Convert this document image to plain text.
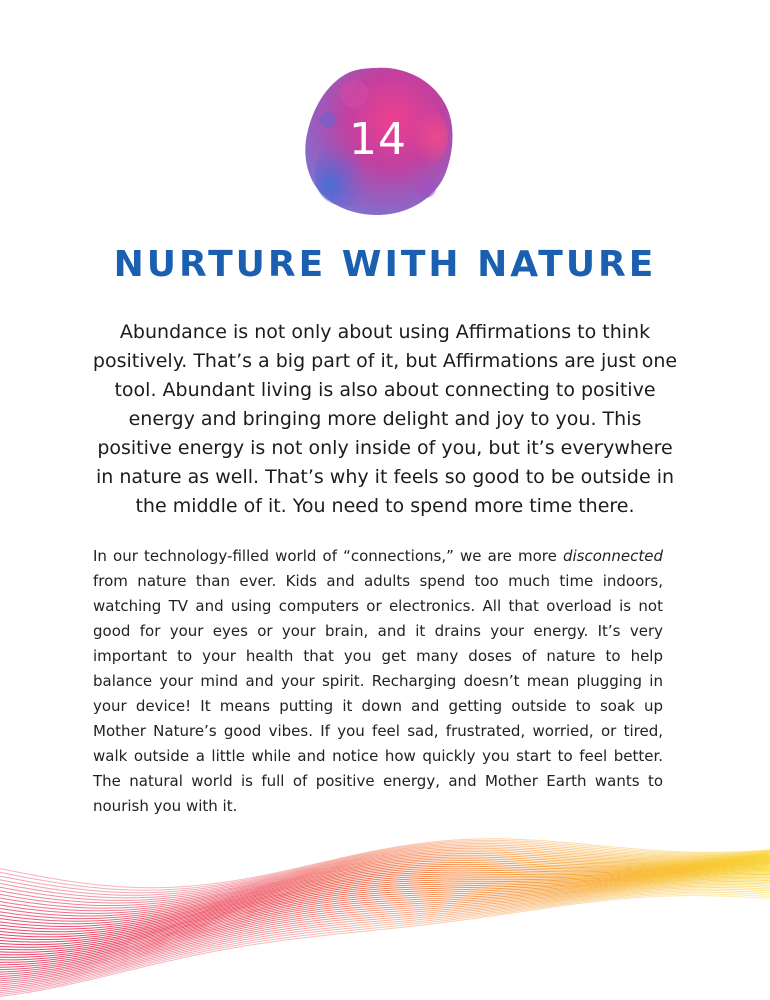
14
NURTURE WITH NATURE

Abundance is not only about using Affirmations to think positively. That’s a big part of it, but Affirmations are just one tool. Abundant living is also about connecting to positive energy and bringing more delight and joy to you. This positive energy is not only inside of you, but it’s everywhere in nature as well. That’s why it feels so good to be outside in the middle of it. You need to spend more time there.

In our technology-filled world of “connections,” we are more disconnected from nature than ever. Kids and adults spend too much time indoors, watching TV and using computers or electronics. All that overload is not good for your eyes or your brain, and it drains your energy. It’s very important to your health that you get many doses of nature to help balance your mind and your spirit. Recharging doesn’t mean plugging in your device! It means putting it down and getting outside to soak up Mother Nature’s good vibes. If you feel sad, frustrated, worried, or tired, walk outside a little while and notice how quickly you start to feel better. The natural world is full of positive energy, and Mother Earth wants to nourish you with it.
